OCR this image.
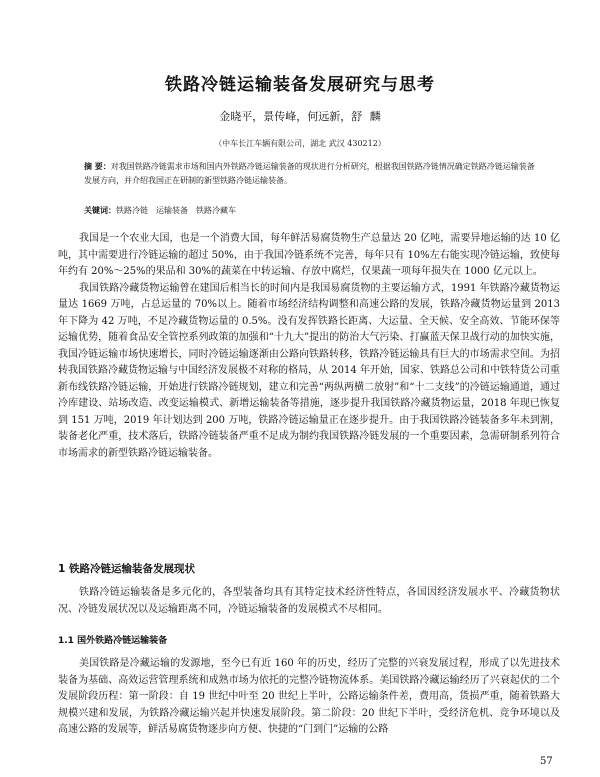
铁路冷链运输装备发展研究与思考

金晓平，景传峰，何远新，舒 麟

（中车长江车辆有限公司，湖北 武汉 430212）

摘 要：对我国铁路冷链需求市场和国内外铁路冷链运输装备的现状进行分析研究，根据我国铁路冷链情况确定铁路冷链运输装备发展方向，并介绍我国正在研制的新型铁路冷链运输装备。

关键词：铁路冷链　运输装备　铁路冷藏车

我国是一个农业大国，也是一个消费大国，每年鲜活易腐货物生产总量达 20 亿吨，需要异地运输的达 10 亿吨，其中需要进行冷链运输的超过 50%，由于我国冷链系统不完善，每年只有 10%左右能实现冷链运输，致使每年约有 20%～25%的果品和 30%的蔬菜在中转运输、存放中腐烂，仅果蔬一项每年损失在 1000 亿元以上。

我国铁路冷藏货物运输曾在建国后相当长的时间内是我国易腐货物的主要运输方式，1991 年铁路冷藏货物运量达 1669 万吨，占总运量的 70%以上。随着市场经济结构调整和高速公路的发展，铁路冷藏货物运量到 2013 年下降为 42 万吨，不足冷藏货物运量的 0.5%。没有发挥铁路长距离、大运量、全天候、安全高效、节能环保等运输优势，随着食品安全管控系列政策的加强和“十九大”提出的防治大气污染、打赢蓝天保卫战行动的加快实施，我国冷链运输市场快速增长，同时冷链运输逐渐由公路向铁路转移，铁路冷链运输具有巨大的市场需求空间。为招转我国铁路冷藏货物运输与中国经济发展极不对称的格局，从 2014 年开始，国家、铁路总公司和中铁特货公司重新布线铁路冷链运输，开始进行铁路冷链规划，建立和完善“两纵两横二放射”和“十二支线”的冷链运输通道，通过冷库建设、站场改造、改变运输模式、新增运输装备等措施，逐步提升我国铁路冷藏货物运量，2018 年现已恢复到 151 万吨，2019 年计划达到 200 万吨，铁路冷链运输量正在逐步提升。由于我国铁路冷链装备多年未到割，装备老化严重，技术落后，铁路冷链装备严重不足成为制约我国铁路冷链发展的一个重要因素，急需研制系列符合市场需求的新型铁路冷链运输装备。

1 铁路冷链运输装备发展现状

铁路冷链运输装备是多元化的，各型装备均具有其特定技术经济性特点，各国因经济发展水平、冷藏货物状况、冷链发展状况以及运输距离不同，冷链运输装备的发展模式不尽相同。

1.1 国外铁路冷链运输装备

美国铁路是冷藏运输的发源地，至今已有近 160 年的历史，经历了完整的兴衰发展过程，形成了以先进技术装备为基础、高效运营管理系统和成熟市场为依托的完整冷链物流体系。美国铁路冷藏运输经历了兴衰起伏的二个发展阶段历程：第一阶段：自 19 世纪中叶至 20 世纪上半叶，公路运输条件差，费用高，货损严重，随着铁路大规模兴建和发展，为铁路冷藏运输兴起并快速发展阶段。第二阶段：20 世纪下半叶，受经济危机、竞争环境以及高速公路的发展等，鲜活易腐货物逐步向方便、快捷的“门到门”运输的公路

57
